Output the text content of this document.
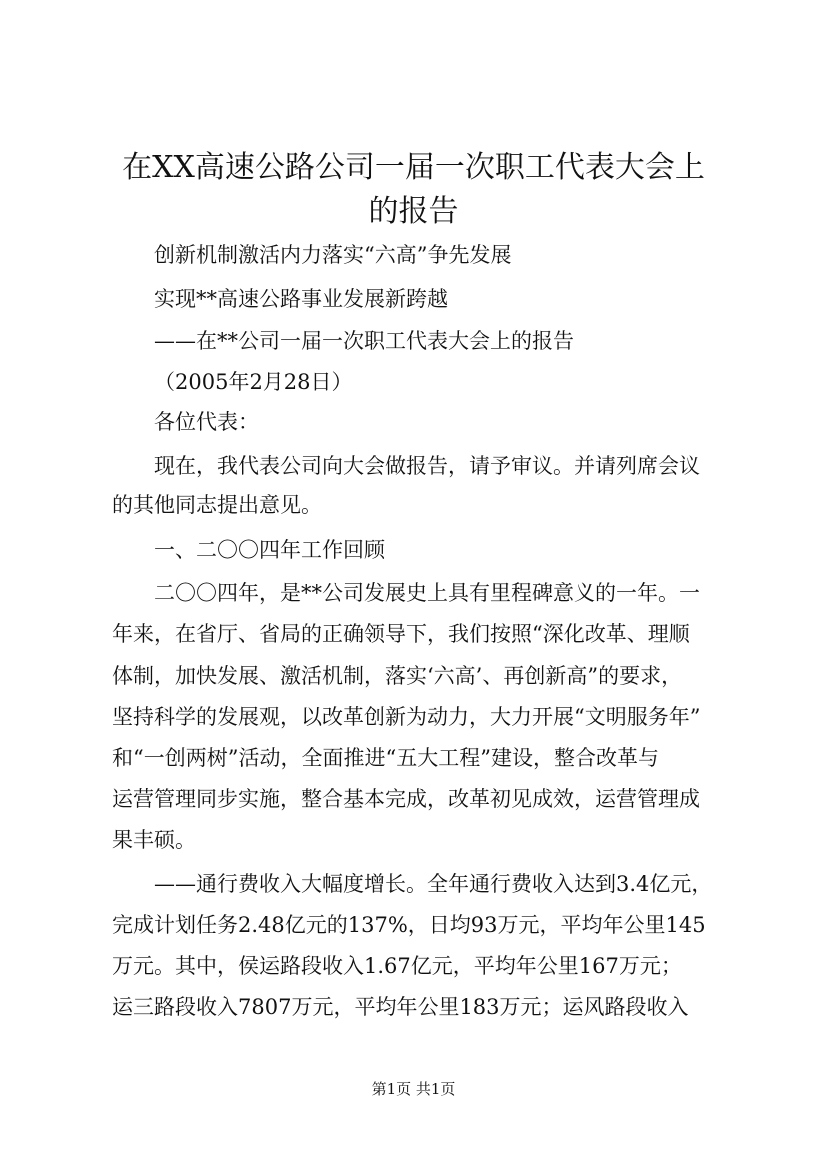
在XX高速公路公司一届一次职工代表大会上
的报告

创新机制激活内力落实“六高”争先发展

实现**高速公路事业发展新跨越

——在**公司一届一次职工代表大会上的报告

（2005年2月28日）

各位代表：

现在，我代表公司向大会做报告，请予审议。并请列席会议

的其他同志提出意见。

一、二〇〇四年工作回顾

二〇〇四年，是**公司发展史上具有里程碑意义的一年。一

年来，在省厅、省局的正确领导下，我们按照“深化改革、理顺

体制，加快发展、激活机制，落实‘六高’、再创新高”的要求，

坚持科学的发展观，以改革创新为动力，大力开展“文明服务年”

和“一创两树”活动，全面推进“五大工程”建设，整合改革与

运营管理同步实施，整合基本完成，改革初见成效，运营管理成

果丰硕。

——通行费收入大幅度增长。全年通行费收入达到3.4亿元，

完成计划任务2.48亿元的137%，日均93万元，平均年公里145

万元。其中，侯运路段收入1.67亿元，平均年公里167万元；

运三路段收入7807万元，平均年公里183万元；运风路段收入

第1页 共1页
